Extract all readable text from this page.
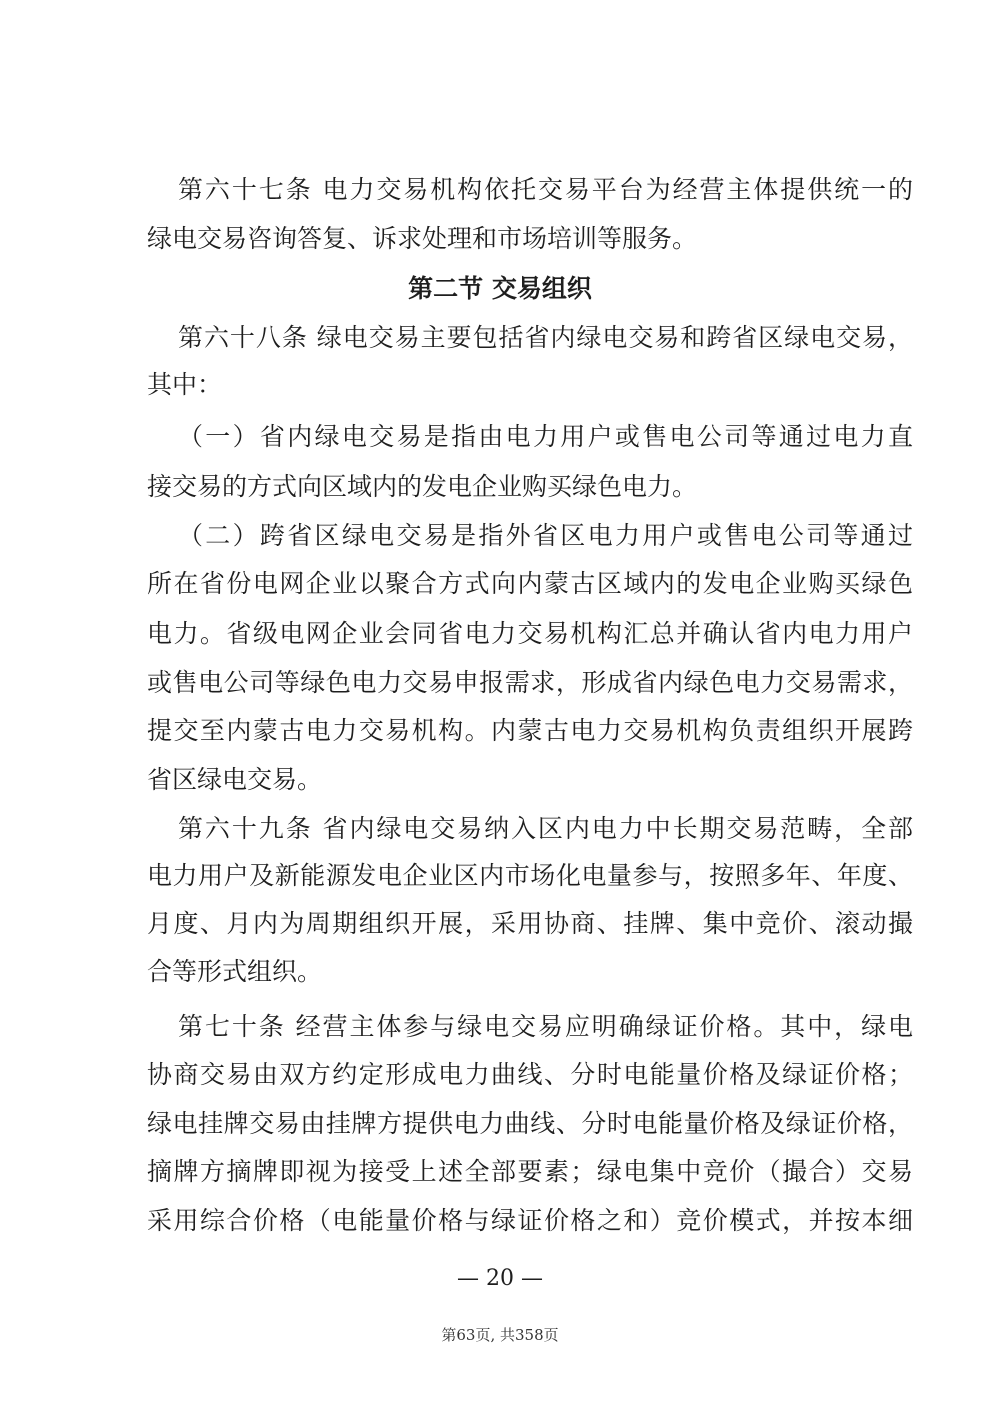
第六十七条 电力交易机构依托交易平台为经营主体提供统一的
绿电交易咨询答复、诉求处理和市场培训等服务。
第二节 交易组织
第六十八条 绿电交易主要包括省内绿电交易和跨省区绿电交易，
其中：
（一）省内绿电交易是指由电力用户或售电公司等通过电力直
接交易的方式向区域内的发电企业购买绿色电力。
（二）跨省区绿电交易是指外省区电力用户或售电公司等通过
所在省份电网企业以聚合方式向内蒙古区域内的发电企业购买绿色
电力。省级电网企业会同省电力交易机构汇总并确认省内电力用户
或售电公司等绿色电力交易申报需求，形成省内绿色电力交易需求，
提交至内蒙古电力交易机构。内蒙古电力交易机构负责组织开展跨
省区绿电交易。
第六十九条 省内绿电交易纳入区内电力中长期交易范畴，全部
电力用户及新能源发电企业区内市场化电量参与，按照多年、年度、
月度、月内为周期组织开展，采用协商、挂牌、集中竞价、滚动撮
合等形式组织。
第七十条 经营主体参与绿电交易应明确绿证价格。其中，绿电
协商交易由双方约定形成电力曲线、分时电能量价格及绿证价格；
绿电挂牌交易由挂牌方提供电力曲线、分时电能量价格及绿证价格，
摘牌方摘牌即视为接受上述全部要素；绿电集中竞价（撮合）交易
采用综合价格（电能量价格与绿证价格之和）竞价模式，并按本细
— 20 —
第63页, 共358页
